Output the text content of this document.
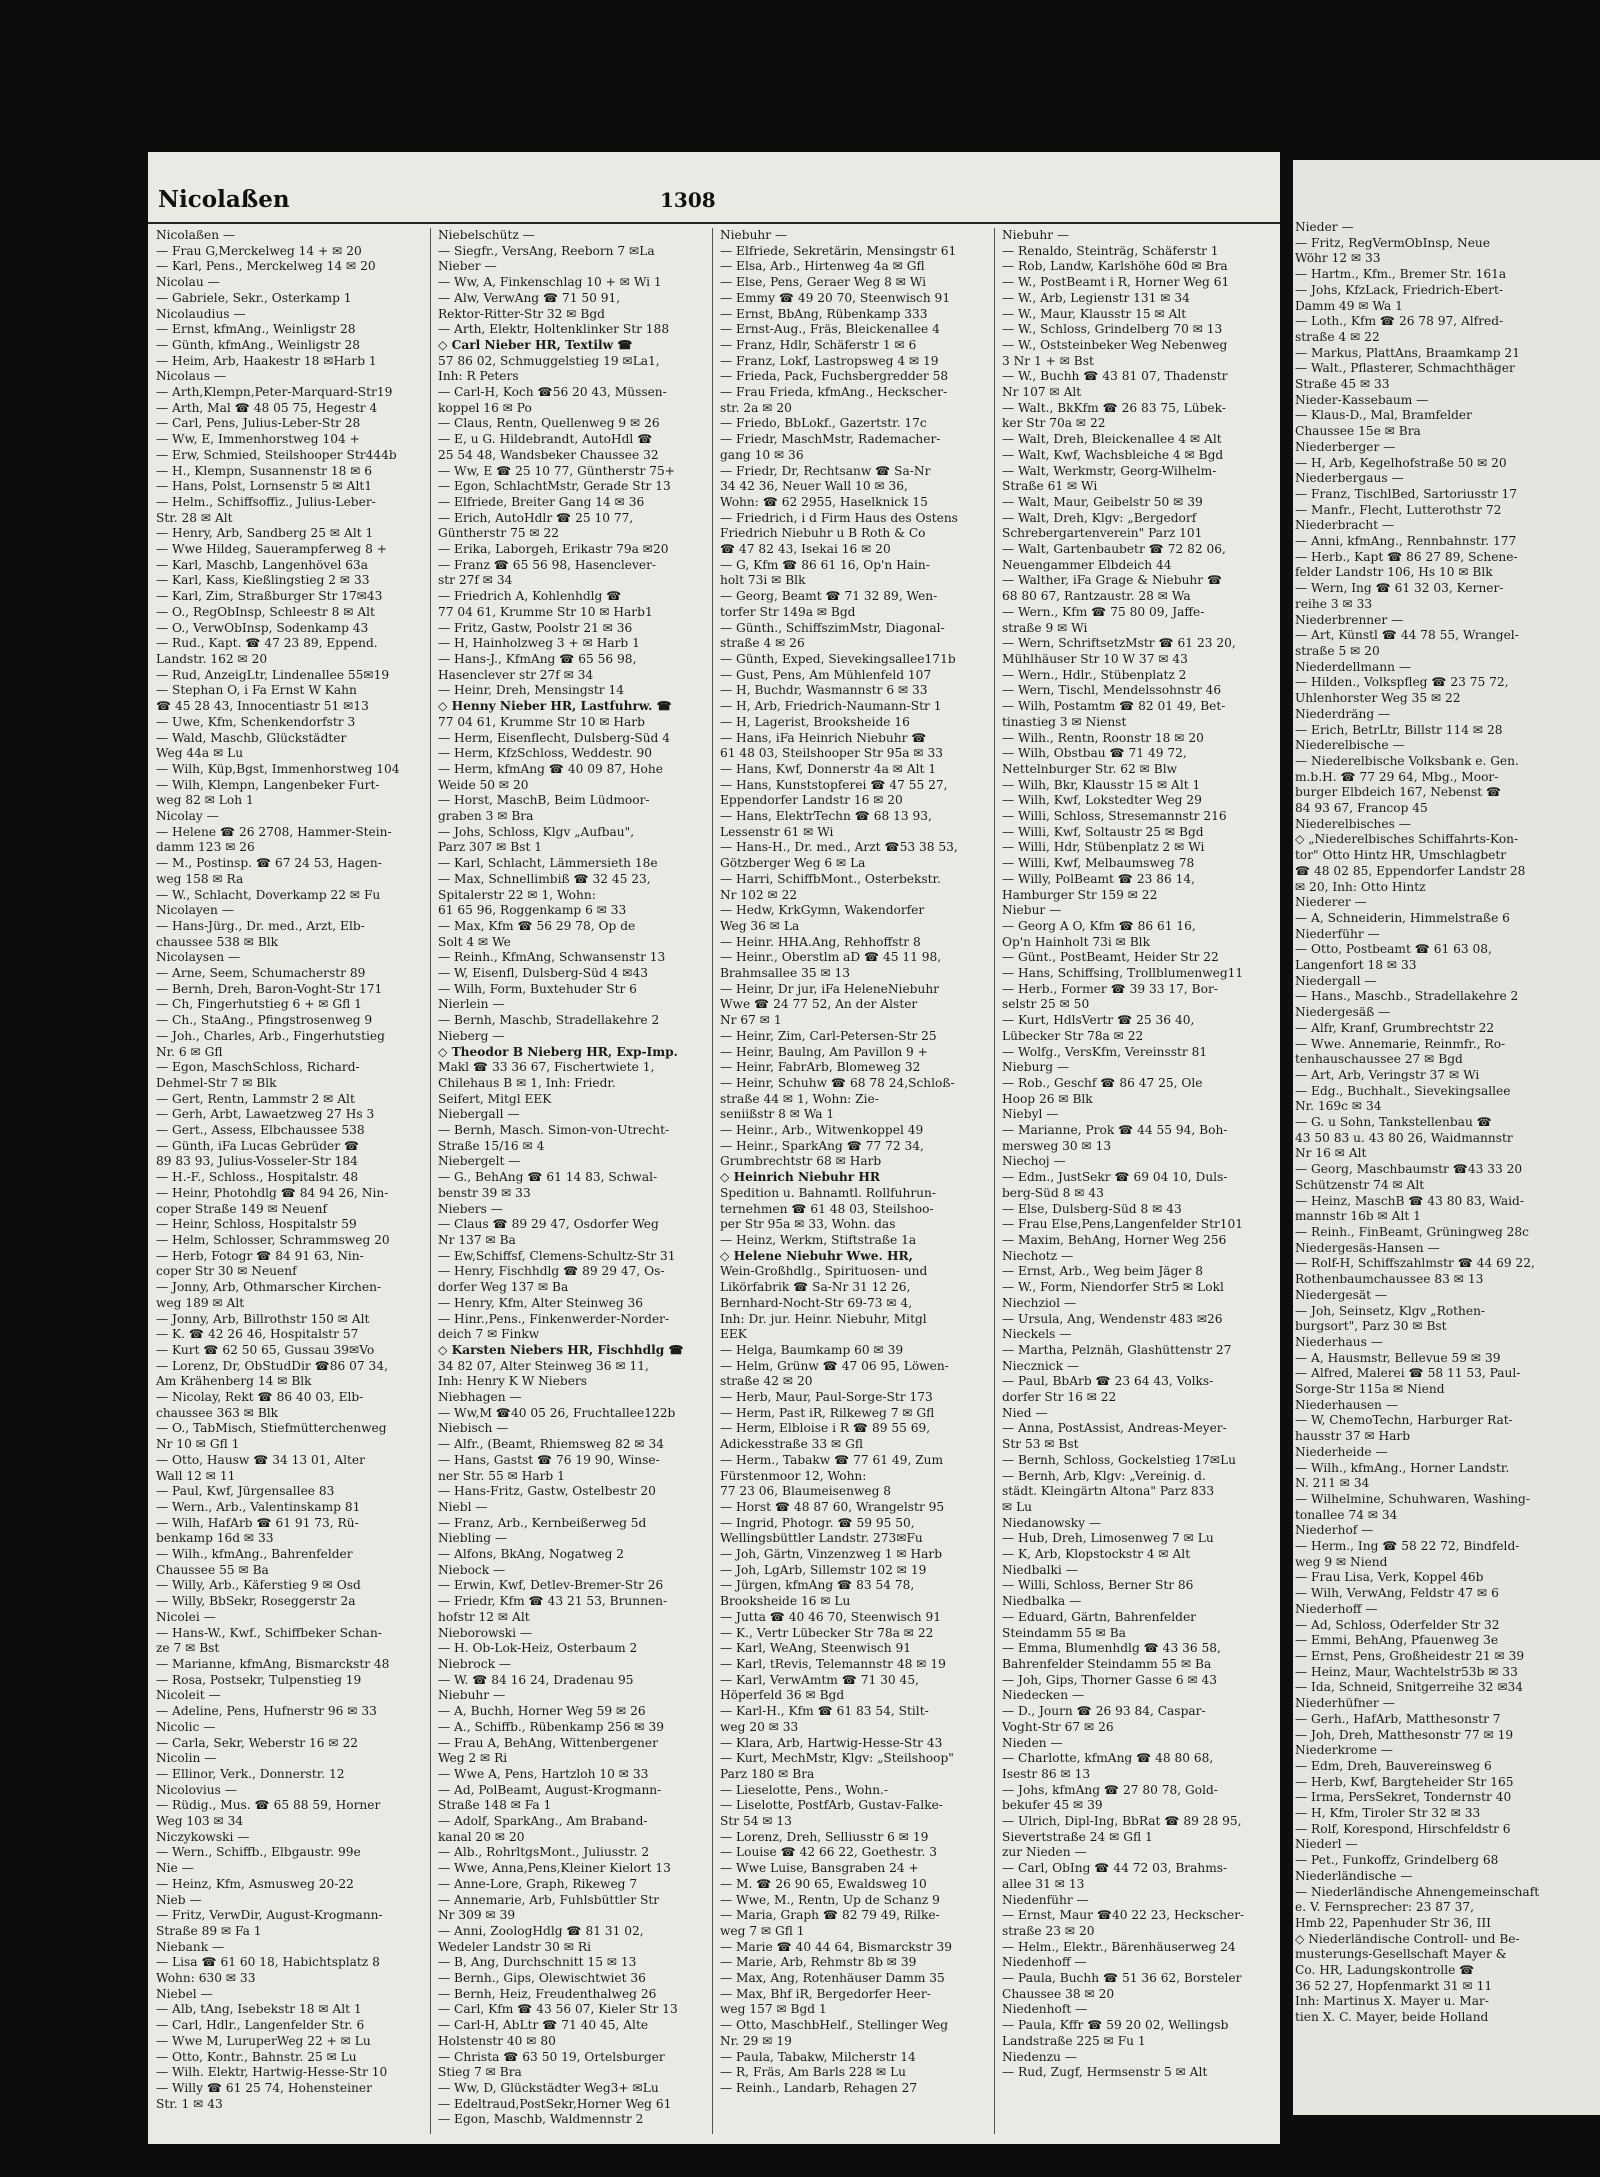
Nicolaßen	1308
Nicolaßen —
— Frau G,Merckelweg 14 + ✉ 20
— Karl, Pens., Merckelweg 14 ✉ 20
Nicolau —
— Gabriele, Sekr., Osterkamp 1
Nicolaudius —
— Ernst, kfmAng., Weinligstr 28
— Günth, kfmAng., Weinligstr 28
— Heim, Arb, Haakestr 18 ✉Harb 1
Nicolaus —
— Arth,Klempn,Peter-Marquard-Str19
— Arth, Mal ☎ 48 05 75, Hegestr 4
— Carl, Pens, Julius-Leber-Str 28
— Ww, E, Immenhorstweg 104 +
— Erw, Schmied, Steilshooper Str444b
— H., Klempn, Susannenstr 18 ✉ 6
— Hans, Polst, Lornsenstr 5 ✉ Alt1
— Helm., Schiffsoffiz., Julius-Leber-
Str. 28 ✉ Alt
— Henry, Arb, Sandberg 25 ✉ Alt 1
— Wwe Hildeg, Sauerampferweg 8 +
— Karl, Maschb, Langenhövel 63a
— Karl, Kass, Kießlingstieg 2 ✉ 33
— Karl, Zim, Straßburger Str 17✉43
— O., RegObInsp, Schleestr 8 ✉ Alt
— O., VerwObInsp, Sodenkamp 43
— Rud., Kapt. ☎ 47 23 89, Eppend.
Landstr. 162 ✉ 20
— Rud, AnzeigLtr, Lindenallee 55✉19
— Stephan O, i Fa Ernst W Kahn
☎ 45 28 43, Innocentiastr 51 ✉13
— Uwe, Kfm, Schenkendorfstr 3
— Wald, Maschb, Glückstädter
Weg 44a ✉ Lu
— Wilh, Küp,Bgst, Immenhorstweg 104
— Wilh, Klempn, Langenbeker Furt-
weg 82 ✉ Loh 1
Nicolay —
— Helene ☎ 26 2708, Hammer-Stein-
damm 123 ✉ 26
— M., Postinsp. ☎ 67 24 53, Hagen-
weg 158 ✉ Ra
— W., Schlacht, Doverkamp 22 ✉ Fu
Nicolayen —
— Hans-Jürg., Dr. med., Arzt, Elb-
chaussee 538 ✉ Blk
Nicolaysen —
— Arne, Seem, Schumacherstr 89
— Bernh, Dreh, Baron-Voght-Str 171
— Ch, Fingerhutstieg 6 + ✉ Gfl 1
— Ch., StaAng., Pfingstrosenweg 9
— Joh., Charles, Arb., Fingerhutstieg
Nr. 6 ✉ Gfl
— Egon, MaschSchloss, Richard-
Dehmel-Str 7 ✉ Blk
— Gert, Rentn, Lammstr 2 ✉ Alt
— Gerh, Arbt, Lawaetzweg 27 Hs 3
— Gert., Assess, Elbchaussee 538
— Günth, iFa Lucas Gebrüder ☎
89 83 93, Julius-Vosseler-Str 184
— H.-F., Schloss., Hospitalstr. 48
— Heinr, Photohdlg ☎ 84 94 26, Nin-
coper Straße 149 ✉ Neuenf
— Heinr, Schloss, Hospitalstr 59
— Helm, Schlosser, Schrammsweg 20
— Herb, Fotogr ☎ 84 91 63, Nin-
coper Str 30 ✉ Neuenf
— Jonny, Arb, Othmarscher Kirchen-
weg 189 ✉ Alt
— Jonny, Arb, Billrothstr 150 ✉ Alt
— K. ☎ 42 26 46, Hospitalstr 57
— Kurt ☎ 62 50 65, Gussau 39✉Vo
— Lorenz, Dr, ObStudDir ☎86 07 34,
Am Krähenberg 14 ✉ Blk
— Nicolay, Rekt ☎ 86 40 03, Elb-
chaussee 363 ✉ Blk
— O., TabMisch, Stiefmütterchenweg
Nr 10 ✉ Gfl 1
— Otto, Hausw ☎ 34 13 01, Alter
Wall 12 ✉ 11
— Paul, Kwf, Jürgensallee 83
— Wern., Arb., Valentinskamp 81
— Wilh, HafArb ☎ 61 91 73, Rü-
benkamp 16d ✉ 33
— Wilh., kfmAng., Bahrenfelder
Chaussee 55 ✉ Ba
— Willy, Arb., Käferstieg 9 ✉ Osd
— Willy, BbSekr, Roseggerstr 2a
Nicolei —
— Hans-W., Kwf., Schiffbeker Schan-
ze 7 ✉ Bst
— Marianne, kfmAng, Bismarckstr 48
— Rosa, Postsekr, Tulpenstieg 19
Nicoleit —
— Adeline, Pens, Hufnerstr 96 ✉ 33
Nicolic —
— Carla, Sekr, Weberstr 16 ✉ 22
Nicolin —
— Ellinor, Verk., Donnerstr. 12
Nicolovius —
— Rüdig., Mus. ☎ 65 88 59, Horner
Weg 103 ✉ 34
Niczykowski —
— Wern., Schiffb., Elbgaustr. 99e
Nie —
— Heinz, Kfm, Asmusweg 20-22
Nieb —
— Fritz, VerwDir, August-Krogmann-
Straße 89 ✉ Fa 1
Niebank —
— Lisa ☎ 61 60 18, Habichtsplatz 8
Wohn: 630 ✉ 33
Niebel —
— Alb, tAng, Isebekstr 18 ✉ Alt 1
— Carl, Hdlr., Langenfelder Str. 6
— Wwe M, LuruperWeg 22 + ✉ Lu
— Otto, Kontr., Bahnstr. 25 ✉ Lu
— Wilh. Elektr, Hartwig-Hesse-Str 10
— Willy ☎ 61 25 74, Hohensteiner
Str. 1 ✉ 43
Niebelschütz —
— Siegfr., VersAng, Reeborn 7 ✉La
Nieber —
— Ww, A, Finkenschlag 10 + ✉ Wi 1
— Alw, VerwAng ☎ 71 50 91,
Rektor-Ritter-Str 32 ✉ Bgd
— Arth, Elektr, Holtenklinker Str 188
◇ Carl Nieber HR, Textilw ☎
57 86 02, Schmuggelstieg 19 ✉La1,
Inh: R Peters
— Carl-H, Koch ☎56 20 43, Müssen-
koppel 16 ✉ Po
— Claus, Rentn, Quellenweg 9 ✉ 26
— E, u G. Hildebrandt, AutoHdl ☎
25 54 48, Wandsbeker Chaussee 32
— Ww, E ☎ 25 10 77, Güntherstr 75+
— Egon, SchlachtMstr, Gerade Str 13
— Elfriede, Breiter Gang 14 ✉ 36
— Erich, AutoHdlr ☎ 25 10 77,
Güntherstr 75 ✉ 22
— Erika, Laborgeh, Erikastr 79a ✉20
— Franz ☎ 65 56 98, Hasenclever-
str 27f ✉ 34
— Friedrich A, Kohlenhdlg ☎
77 04 61, Krumme Str 10 ✉ Harb1
— Fritz, Gastw, Poolstr 21 ✉ 36
— H, Hainholzweg 3 + ✉ Harb 1
— Hans-J., KfmAng ☎ 65 56 98,
Hasenclever str 27f ✉ 34
— Heinr, Dreh, Mensingstr 14
◇ Henny Nieber HR, Lastfuhrw. ☎
77 04 61, Krumme Str 10 ✉ Harb
— Herm, Eisenflecht, Dulsberg-Süd 4
— Herm, KfzSchloss, Weddestr. 90
— Herm, kfmAng ☎ 40 09 87, Hohe
Weide 50 ✉ 20
— Horst, MaschB, Beim Lüdmoor-
graben 3 ✉ Bra
— Johs, Schloss, Klgv „Aufbau",
Parz 307 ✉ Bst 1
— Karl, Schlacht, Lämmersieth 18e
— Max, Schnellimbiß ☎ 32 45 23,
Spitalerstr 22 ✉ 1, Wohn:
61 65 96, Roggenkamp 6 ✉ 33
— Max, Kfm ☎ 56 29 78, Op de
Solt 4 ✉ We
— Reinh., KfmAng, Schwansenstr 13
— W, Eisenfl, Dulsberg-Süd 4 ✉43
— Wilh, Form, Buxtehuder Str 6
Nierlein —
— Bernh, Maschb, Stradellakehre 2
Nieberg —
◇ Theodor B Nieberg HR, Exp-Imp.
Makl ☎ 33 36 67, Fischertwiete 1,
Chilehaus B ✉ 1, Inh: Friedr.
Seifert, Mitgl EEK
Niebergall —
— Bernh, Masch. Simon-von-Utrecht-
Straße 15/16 ✉ 4
Niebergelt —
— G., BehAng ☎ 61 14 83, Schwal-
benstr 39 ✉ 33
Niebers —
— Claus ☎ 89 29 47, Osdorfer Weg
Nr 137 ✉ Ba
— Ew,Schiffsf, Clemens-Schultz-Str 31
— Henry, Fischhdlg ☎ 89 29 47, Os-
dorfer Weg 137 ✉ Ba
— Henry, Kfm, Alter Steinweg 36
— Hinr.,Pens., Finkenwerder-Norder-
deich 7 ✉ Finkw
◇ Karsten Niebers HR, Fischhdlg ☎
34 82 07, Alter Steinweg 36 ✉ 11,
Inh: Henry K W Niebers
Niebhagen —
— Ww,M ☎40 05 26, Fruchtallee122b
Niebisch —
— Alfr., (Beamt, Rhiemsweg 82 ✉ 34
— Hans, Gastst ☎ 76 19 90, Winse-
ner Str. 55 ✉ Harb 1
— Hans-Fritz, Gastw, Ostelbestr 20
Niebl —
— Franz, Arb., Kernbeißerweg 5d
Niebling —
— Alfons, BkAng, Nogatweg 2
Niebock —
— Erwin, Kwf, Detlev-Bremer-Str 26
— Friedr, Kfm ☎ 43 21 53, Brunnen-
hofstr 12 ✉ Alt
Nieborowski —
— H. Ob-Lok-Heiz, Osterbaum 2
Niebrock —
— W. ☎ 84 16 24, Dradenau 95
Niebuhr —
— A, Buchh, Horner Weg 59 ✉ 26
— A., Schiffb., Rübenkamp 256 ✉ 39
— Frau A, BehAng, Wittenbergener
Weg 2 ✉ Ri
— Wwe A, Pens, Hartzloh 10 ✉ 33
— Ad, PolBeamt, August-Krogmann-
Straße 148 ✉ Fa 1
— Adolf, SparkAng., Am Braband-
kanal 20 ✉ 20
— Alb., RohrltgsMont., Juliusstr. 2
— Wwe, Anna,Pens,Kleiner Kielort 13
— Anne-Lore, Graph, Rikeweg 7
— Annemarie, Arb, Fuhlsbüttler Str
Nr 309 ✉ 39
— Anni, ZoologHdlg ☎ 81 31 02,
Wedeler Landstr 30 ✉ Ri
— B, Ang, Durchschnitt 15 ✉ 13
— Bernh., Gips, Olewischtwiet 36
— Bernh, Heiz, Freudenthalweg 26
— Carl, Kfm ☎ 43 56 07, Kieler Str 13
— Carl-H, AbLtr ☎ 71 40 45, Alte
Holstenstr 40 ✉ 80
— Christa ☎ 63 50 19, Ortelsburger
Stieg 7 ✉ Bra
— Ww, D, Glückstädter Weg3+ ✉Lu
— Edeltraud,PostSekr,Horner Weg 61
— Egon, Maschb, Waldmennstr 2
Niebuhr —
— Elfriede, Sekretärin, Mensingstr 61
— Elsa, Arb., Hirtenweg 4a ✉ Gfl
— Else, Pens, Geraer Weg 8 ✉ Wi
— Emmy ☎ 49 20 70, Steenwisch 91
— Ernst, BbAng, Rübenkamp 333
— Ernst-Aug., Fräs, Bleickenallee 4
— Franz, Hdlr, Schäferstr 1 ✉ 6
— Franz, Lokf, Lastropsweg 4 ✉ 19
— Frieda, Pack, Fuchsbergredder 58
— Frau Frieda, kfmAng., Heckscher-
str. 2a ✉ 20
— Friedo, BbLokf., Gazertstr. 17c
— Friedr, MaschMstr, Rademacher-
gang 10 ✉ 36
— Friedr, Dr, Rechtsanw ☎ Sa-Nr
34 42 36, Neuer Wall 10 ✉ 36,
Wohn: ☎ 62 2955, Haselknick 15
— Friedrich, i d Firm Haus des Ostens
Friedrich Niebuhr u B Roth & Co
☎ 47 82 43, Isekai 16 ✉ 20
— G, Kfm ☎ 86 61 16, Op'n Hain-
holt 73i ✉ Blk
— Georg, Beamt ☎ 71 32 89, Wen-
torfer Str 149a ✉ Bgd
— Günth., SchiffszimMstr, Diagonal-
straße 4 ✉ 26
— Günth, Exped, Sievekingsallee171b
— Gust, Pens, Am Mühlenfeld 107
— H, Buchdr, Wasmannstr 6 ✉ 33
— H, Arb, Friedrich-Naumann-Str 1
— H, Lagerist, Brooksheide 16
— Hans, iFa Heinrich Niebuhr ☎
61 48 03, Steilshooper Str 95a ✉ 33
— Hans, Kwf, Donnerstr 4a ✉ Alt 1
— Hans, Kunststopferei ☎ 47 55 27,
Eppendorfer Landstr 16 ✉ 20
— Hans, ElektrTechn ☎ 68 13 93,
Lessenstr 61 ✉ Wi
— Hans-H., Dr. med., Arzt ☎53 38 53,
Götzberger Weg 6 ✉ La
— Harri, SchiffbMont., Osterbekstr.
Nr 102 ✉ 22
— Hedw, KrkGymn, Wakendorfer
Weg 36 ✉ La
— Heinr. HHA.Ang, Rehhoffstr 8
— Heinr., Oberstlm aD ☎ 45 11 98,
Brahmsallee 35 ✉ 13
— Heinr, Dr jur, iFa HeleneNiebuhr
Wwe ☎ 24 77 52, An der Alster
Nr 67 ✉ 1
— Heinr, Zim, Carl-Petersen-Str 25
— Heinr, Baulng, Am Pavillon 9 +
— Heinr, FabrArb, Blomeweg 32
— Heinr, Schuhw ☎ 68 78 24,Schloß-
straße 44 ✉ 1, Wohn: Zie-
seniißstr 8 ✉ Wa 1
— Heinr., Arb., Witwenkoppel 49
— Heinr., SparkAng ☎ 77 72 34,
Grumbrechtstr 68 ✉ Harb
◇ Heinrich Niebuhr HR
Spedition u. Bahnamtl. Rollfuhrun-
ternehmen ☎ 61 48 03, Steilshoo-
per Str 95a ✉ 33, Wohn. das
— Heinz, Werkm, Stiftstraße 1a
◇ Helene Niebuhr Wwe. HR,
Wein-Großhdlg., Spirituosen- und
Likörfabrik ☎ Sa-Nr 31 12 26,
Bernhard-Nocht-Str 69-73 ✉ 4,
Inh: Dr. jur. Heinr. Niebuhr, Mitgl
EEK
— Helga, Baumkamp 60 ✉ 39
— Helm, Grünw ☎ 47 06 95, Löwen-
straße 42 ✉ 20
— Herb, Maur, Paul-Sorge-Str 173
— Herm, Past iR, Rilkeweg 7 ✉ Gfl
— Herm, Elbloise i R ☎ 89 55 69,
Adickesstraße 33 ✉ Gfl
— Herm., Tabakw ☎ 77 61 49, Zum
Fürstenmoor 12, Wohn:
77 23 06, Blaumeisenweg 8
— Horst ☎ 48 87 60, Wrangelstr 95
— Ingrid, Photogr. ☎ 59 95 50,
Wellingsbüttler Landstr. 273✉Fu
— Joh, Gärtn, Vinzenzweg 1 ✉ Harb
— Joh, LgArb, Sillemstr 102 ✉ 19
— Jürgen, kfmAng ☎ 83 54 78,
Brooksheide 16 ✉ Lu
— Jutta ☎ 40 46 70, Steenwisch 91
— K., Vertr Lübecker Str 78a ✉ 22
— Karl, WeAng, Steenwisch 91
— Karl, tRevis, Telemannstr 48 ✉ 19
— Karl, VerwAmtm ☎ 71 30 45,
Höperfeld 36 ✉ Bgd
— Karl-H., Kfm ☎ 61 83 54, Stilt-
weg 20 ✉ 33
— Klara, Arb, Hartwig-Hesse-Str 43
— Kurt, MechMstr, Klgv: „Steilshoop"
Parz 180 ✉ Bra
— Lieselotte, Pens., Wohn.-
— Liselotte, PostfArb, Gustav-Falke-
Str 54 ✉ 13
— Lorenz, Dreh, Selliusstr 6 ✉ 19
— Louise ☎ 42 66 22, Goethestr. 3
— Wwe Luise, Bansgraben 24 +
— M. ☎ 26 90 65, Ewaldsweg 10
— Wwe, M., Rentn, Up de Schanz 9
— Maria, Graph ☎ 82 79 49, Rilke-
weg 7 ✉ Gfl 1
— Marie ☎ 40 44 64, Bismarckstr 39
— Marie, Arb, Rehmstr 8b ✉ 39
— Max, Ang, Rotenhäuser Damm 35
— Max, Bhf iR, Bergedorfer Heer-
weg 157 ✉ Bgd 1
— Otto, MaschbHelf., Stellinger Weg
Nr. 29 ✉ 19
— Paula, Tabakw, Milcherstr 14
— R, Fräs, Am Barls 228 ✉ Lu
— Reinh., Landarb, Rehagen 27
Niebuhr —
— Renaldo, Steinträg, Schäferstr 1
— Rob, Landw, Karlshöhe 60d ✉ Bra
— W., PostBeamt i R, Horner Weg 61
— W., Arb, Legienstr 131 ✉ 34
— W., Maur, Klausstr 15 ✉ Alt
— W., Schloss, Grindelberg 70 ✉ 13
— W., Oststeinbeker Weg Nebenweg
3 Nr 1 + ✉ Bst
— W., Buchh ☎ 43 81 07, Thadenstr
Nr 107 ✉ Alt
— Walt., BkKfm ☎ 26 83 75, Lübek-
ker Str 70a ✉ 22
— Walt, Dreh, Bleickenallee 4 ✉ Alt
— Walt, Kwf, Wachsbleiche 4 ✉ Bgd
— Walt, Werkmstr, Georg-Wilhelm-
Straße 61 ✉ Wi
— Walt, Maur, Geibelstr 50 ✉ 39
— Walt, Dreh, Klgv: „Bergedorf
Schrebergartenverein" Parz 101
— Walt, Gartenbaubetr ☎ 72 82 06,
Neuengammer Elbdeich 44
— Walther, iFa Grage & Niebuhr ☎
68 80 67, Rantzaustr. 28 ✉ Wa
— Wern., Kfm ☎ 75 80 09, Jaffe-
straße 9 ✉ Wi
— Wern, SchriftsetzMstr ☎ 61 23 20,
Mühlhäuser Str 10 W 37 ✉ 43
— Wern., Hdlr., Stübenplatz 2
— Wern, Tischl, Mendelssohnstr 46
— Wilh, Postamtm ☎ 82 01 49, Bet-
tinastieg 3 ✉ Nienst
— Wilh., Rentn, Roonstr 18 ✉ 20
— Wilh, Obstbau ☎ 71 49 72,
Nettelnburger Str. 62 ✉ Blw
— Wilh, Bkr, Klausstr 15 ✉ Alt 1
— Wilh, Kwf, Lokstedter Weg 29
— Willi, Schloss, Stresemannstr 216
— Willi, Kwf, Soltaustr 25 ✉ Bgd
— Willi, Hdr, Stübenplatz 2 ✉ Wi
— Willi, Kwf, Melbaumsweg 78
— Willy, PolBeamt ☎ 23 86 14,
Hamburger Str 159 ✉ 22
Niebur —
— Georg A O, Kfm ☎ 86 61 16,
Op'n Hainholt 73i ✉ Blk
— Günt., PostBeamt, Heider Str 22
— Hans, Schiffsing, Trollblumenweg11
— Herb., Former ☎ 39 33 17, Bor-
selstr 25 ✉ 50
— Kurt, HdlsVertr ☎ 25 36 40,
Lübecker Str 78a ✉ 22
— Wolfg., VersKfm, Vereinsstr 81
Nieburg —
— Rob., Geschf ☎ 86 47 25, Ole
Hoop 26 ✉ Blk
Niebyl —
— Marianne, Prok ☎ 44 55 94, Boh-
mersweg 30 ✉ 13
Niechoj —
— Edm., JustSekr ☎ 69 04 10, Duls-
berg-Süd 8 ✉ 43
— Else, Dulsberg-Süd 8 ✉ 43
— Frau Else,Pens,Langenfelder Str101
— Maxim, BehAng, Horner Weg 256
Niechotz —
— Ernst, Arb., Weg beim Jäger 8
— W., Form, Niendorfer Str5 ✉ Lokl
Niechziol —
— Ursula, Ang, Wendenstr 483 ✉26
Nieckels —
— Martha, Pelznäh, Glashüttenstr 27
Niecznick —
— Paul, BbArb ☎ 23 64 43, Volks-
dorfer Str 16 ✉ 22
Nied —
— Anna, PostAssist, Andreas-Meyer-
Str 53 ✉ Bst
— Bernh, Schloss, Gockelstieg 17✉Lu
— Bernh, Arb, Klgv: „Vereinig. d.
städt. Kleingärtn Altona" Parz 833
✉ Lu
Niedanowsky —
— Hub, Dreh, Limosenweg 7 ✉ Lu
— K, Arb, Klopstockstr 4 ✉ Alt
Niedbalki —
— Willi, Schloss, Berner Str 86
Niedbalka —
— Eduard, Gärtn, Bahrenfelder
Steindamm 55 ✉ Ba
— Emma, Blumenhdlg ☎ 43 36 58,
Bahrenfelder Steindamm 55 ✉ Ba
— Joh, Gips, Thorner Gasse 6 ✉ 43
Niedecken —
— D., Journ ☎ 26 93 84, Caspar-
Voght-Str 67 ✉ 26
Nieden —
— Charlotte, kfmAng ☎ 48 80 68,
Isestr 86 ✉ 13
— Johs, kfmAng ☎ 27 80 78, Gold-
bekufer 45 ✉ 39
— Ulrich, Dipl-Ing, BbRat ☎ 89 28 95,
Sievertstraße 24 ✉ Gfl 1
zur Nieden —
— Carl, ObIng ☎ 44 72 03, Brahms-
allee 31 ✉ 13
Niedenführ —
— Ernst, Maur ☎40 22 23, Heckscher-
straße 23 ✉ 20
— Helm., Elektr., Bärenhäuserweg 24
Niedenhoff —
— Paula, Buchh ☎ 51 36 62, Borsteler
Chaussee 38 ✉ 20
Niedenhoft —
— Paula, Kffr ☎ 59 20 02, Wellingsb
Landstraße 225 ✉ Fu 1
Niedenzu —
— Rud, Zugf, Hermsenstr 5 ✉ Alt
Nieder —
— Fritz, RegVermObInsp, Neue
Wöhr 12 ✉ 33
— Hartm., Kfm., Bremer Str. 161a
— Johs, KfzLack, Friedrich-Ebert-
Damm 49 ✉ Wa 1
— Loth., Kfm ☎ 26 78 97, Alfred-
straße 4 ✉ 22
— Markus, PlattAns, Braamkamp 21
— Walt., Pflasterer, Schmachthäger
Straße 45 ✉ 33
Nieder-Kassebaum —
— Klaus-D., Mal, Bramfelder
Chaussee 15e ✉ Bra
Niederberger —
— H, Arb, Kegelhofstraße 50 ✉ 20
Niederbergaus —
— Franz, TischlBed, Sartoriusstr 17
— Manfr., Flecht, Lutterothstr 72
Niederbracht —
— Anni, kfmAng., Rennbahnstr. 177
— Herb., Kapt ☎ 86 27 89, Schene-
felder Landstr 106, Hs 10 ✉ Blk
— Wern, Ing ☎ 61 32 03, Kerner-
reihe 3 ✉ 33
Niederbrenner —
— Art, Künstl ☎ 44 78 55, Wrangel-
straße 5 ✉ 20
Niederdellmann —
— Hilden., Volkspfleg ☎ 23 75 72,
Uhlenhorster Weg 35 ✉ 22
Niederdräng —
— Erich, BetrLtr, Billstr 114 ✉ 28
Niederelbische —
— Niederelbische Volksbank e. Gen.
m.b.H. ☎ 77 29 64, Mbg., Moor-
burger Elbdeich 167, Nebenst ☎
84 93 67, Francop 45
Niederelbisches —
◇ „Niederelbisches Schiffahrts-Kon-
tor" Otto Hintz HR, Umschlagbetr
☎ 48 02 85, Eppendorfer Landstr 28
✉ 20, Inh: Otto Hintz
Niederer —
— A, Schneiderin, Himmelstraße 6
Niederführ —
— Otto, Postbeamt ☎ 61 63 08,
Langenfort 18 ✉ 33
Niedergall —
— Hans., Maschb., Stradellakehre 2
Niedergesäß —
— Alfr, Kranf, Grumbrechtstr 22
— Wwe. Annemarie, Reinmfr., Ro-
tenhauschaussee 27 ✉ Bgd
— Art, Arb, Veringstr 37 ✉ Wi
— Edg., Buchhalt., Sievekingsallee
Nr. 169c ✉ 34
— G. u Sohn, Tankstellenbau ☎
43 50 83 u. 43 80 26, Waidmannstr
Nr 16 ✉ Alt
— Georg, Maschbaumstr ☎43 33 20
Schützenstr 74 ✉ Alt
— Heinz, MaschB ☎ 43 80 83, Waid-
mannstr 16b ✉ Alt 1
— Reinh., FinBeamt, Grüningweg 28c
Niedergesäs-Hansen —
— Rolf-H, Schiffszahlmstr ☎ 44 69 22,
Rothenbaumchaussee 83 ✉ 13
Niedergesät —
— Joh, Seinsetz, Klgv „Rothen-
burgsort", Parz 30 ✉ Bst
Niederhaus —
— A, Hausmstr, Bellevue 59 ✉ 39
— Alfred, Malerei ☎ 58 11 53, Paul-
Sorge-Str 115a ✉ Niend
Niederhausen —
— W, ChemoTechn, Harburger Rat-
hausstr 37 ✉ Harb
Niederheide —
— Wilh., kfmAng., Horner Landstr.
N. 211 ✉ 34
— Wilhelmine, Schuhwaren, Washing-
tonallee 74 ✉ 34
Niederhof —
— Herm., Ing ☎ 58 22 72, Bindfeld-
weg 9 ✉ Niend
— Frau Lisa, Verk, Koppel 46b
— Wilh, VerwAng, Feldstr 47 ✉ 6
Niederhoff —
— Ad, Schloss, Oderfelder Str 32
— Emmi, BehAng, Pfauenweg 3e
— Ernst, Pens, Großheidestr 21 ✉ 39
— Heinz, Maur, Wachtelstr53b ✉ 33
— Ida, Schneid, Snitgerreihe 32 ✉34
Niederhüfner —
— Gerh., HafArb, Matthesonstr 7
— Joh, Dreh, Matthesonstr 77 ✉ 19
Niederkrome —
— Edm, Dreh, Bauvereinsweg 6
— Herb, Kwf, Bargteheider Str 165
— Irma, PersSekret, Tondernstr 40
— H, Kfm, Tiroler Str 32 ✉ 33
— Rolf, Korespond, Hirschfeldstr 6
Niederl —
— Pet., Funkoffz, Grindelberg 68
Niederländische —
— Niederländische Ahnengemeinschaft
e. V. Fernsprecher: 23 87 37,
Hmb 22, Papenhuder Str 36, III
◇ Niederländische Controll- und Be-
musterungs-Gesellschaft Mayer &
Co. HR, Ladungskontrolle ☎
36 52 27, Hopfenmarkt 31 ✉ 11
Inh: Martinus X. Mayer u. Mar-
tien X. C. Mayer, beide Holland
